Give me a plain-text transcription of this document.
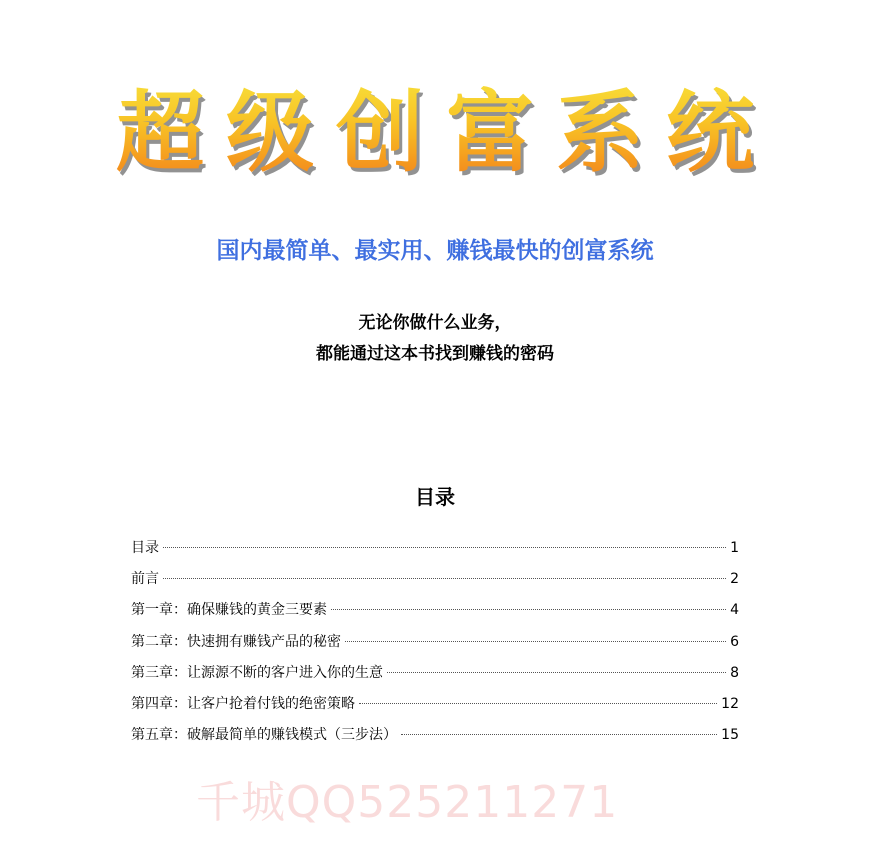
超级创富系统
国内最简单、最实用、赚钱最快的创富系统
无论你做什么业务，
都能通过这本书找到赚钱的密码
目录
目录	1
前言	2
第一章：确保赚钱的黄金三要素	4
第二章：快速拥有赚钱产品的秘密	6
第三章：让源源不断的客户进入你的生意	8
第四章：让客户抢着付钱的绝密策略	12
第五章：破解最简单的赚钱模式（三步法）	15
千城QQ525211271
